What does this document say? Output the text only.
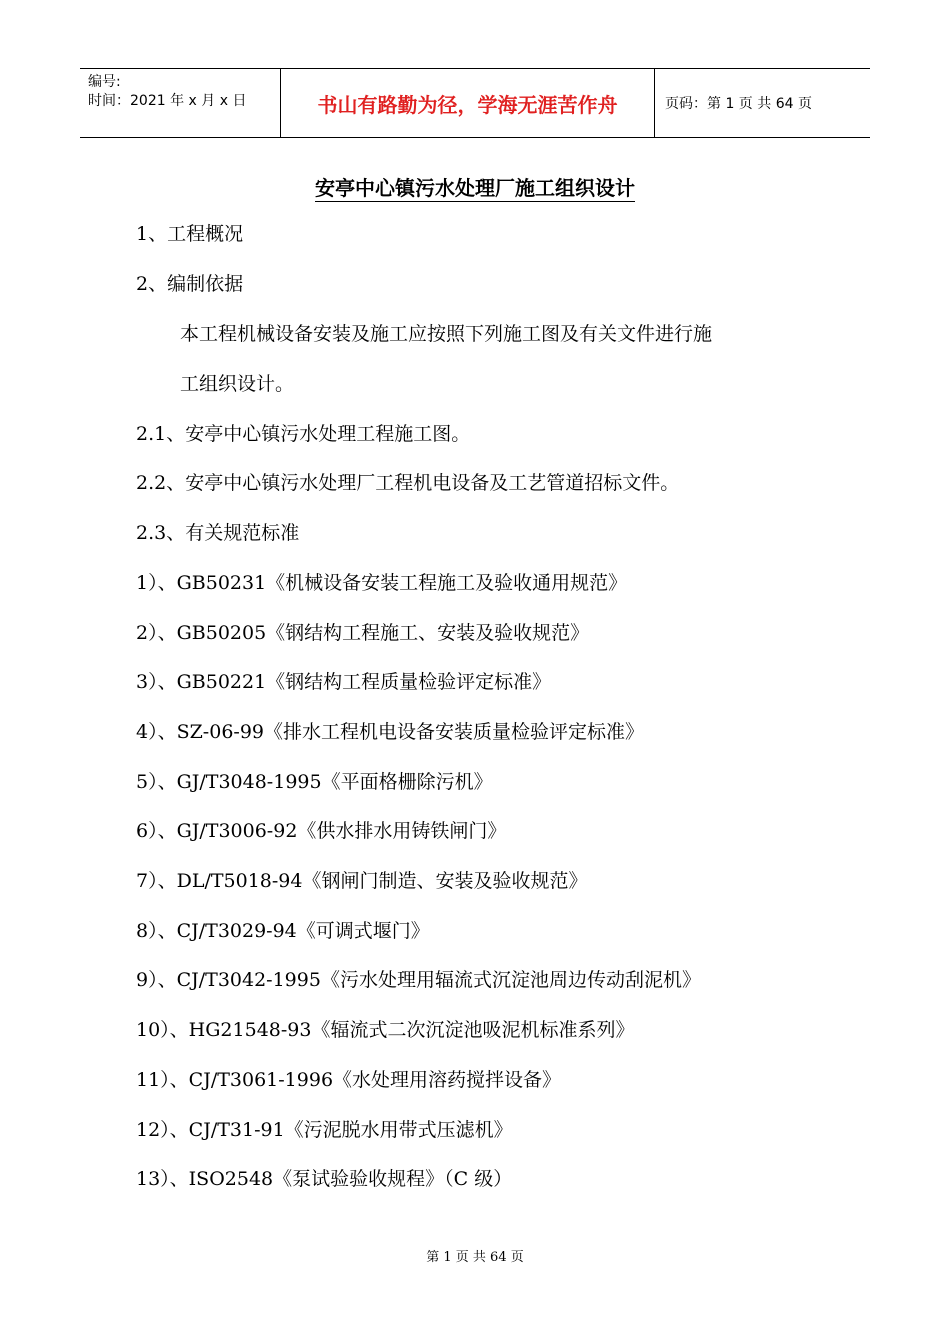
编号:
时间：2021 年 x 月 x 日	书山有路勤为径，学海无涯苦作舟	页码：第 1 页 共 64 页
安亭中心镇污水处理厂施工组织设计
1、工程概况
2、编制依据
本工程机械设备安装及施工应按照下列施工图及有关文件进行施
工组织设计。
2.1、安亭中心镇污水处理工程施工图。
2.2、安亭中心镇污水处理厂工程机电设备及工艺管道招标文件。
2.3、有关规范标准
1）、GB50231《机械设备安装工程施工及验收通用规范》
2）、GB50205《钢结构工程施工、安装及验收规范》
3）、GB50221《钢结构工程质量检验评定标准》
4）、SZ-06-99《排水工程机电设备安装质量检验评定标准》
5）、GJ/T3048-1995《平面格栅除污机》
6）、GJ/T3006-92《供水排水用铸铁闸门》
7）、DL/T5018-94《钢闸门制造、安装及验收规范》
8）、CJ/T3029-94《可调式堰门》
9）、CJ/T3042-1995《污水处理用辐流式沉淀池周边传动刮泥机》
10）、HG21548-93《辐流式二次沉淀池吸泥机标准系列》
11）、CJ/T3061-1996《水处理用溶药搅拌设备》
12）、CJ/T31-91《污泥脱水用带式压滤机》
13）、ISO2548《泵试验验收规程》（C 级）
第 1 页 共 64 页
